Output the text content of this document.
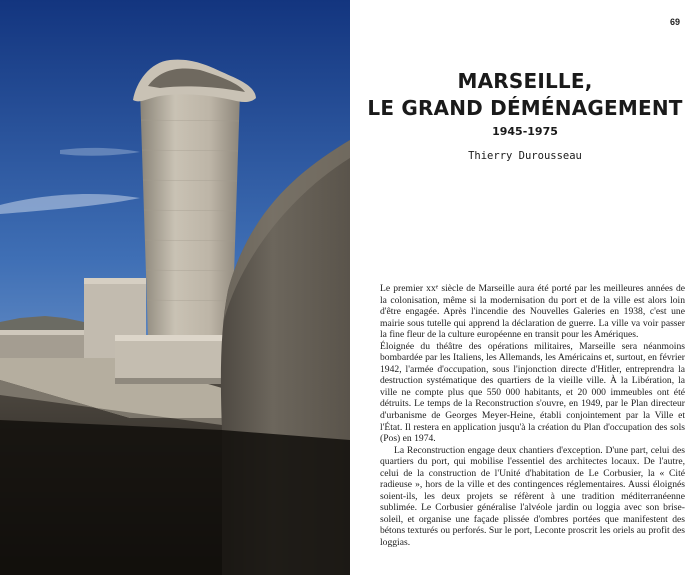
69
MARSEILLE,
LE GRAND DÉMÉNAGEMENT
1945-1975
Thierry Durousseau

Le premier xxᵉ siècle de Marseille aura été porté par les meilleures années de la colonisation, même si la modernisation du port et de la ville est alors loin d'être engagée. Après l'incendie des Nouvelles Galeries en 1938, c'est une mairie sous tutelle qui apprend la déclaration de guerre. La ville va voir passer la fine fleur de la culture européenne en transit pour les Amériques.

Éloignée du théâtre des opérations militaires, Marseille sera néanmoins bombardée par les Italiens, les Allemands, les Américains et, surtout, en février 1942, l'armée d'occupation, sous l'injonction directe d'Hitler, entreprendra la destruction systématique des quartiers de la vieille ville. À la Libération, la ville ne compte plus que 550 000 habitants, et 20 000 immeubles ont été détruits. Le temps de la Reconstruction s'ouvre, en 1949, par le Plan directeur d'urbanisme de Georges Meyer-Heine, établi conjointement par la Ville et l'État. Il restera en application jusqu'à la création du Plan d'occupation des sols (Pos) en 1974.

La Reconstruction engage deux chantiers d'exception. D'une part, celui des quartiers du port, qui mobilise l'essentiel des architectes locaux. De l'autre, celui de la construction de l'Unité d'habitation de Le Corbusier, la « Cité radieuse », hors de la ville et des contingences réglementaires. Aussi éloignés soient-ils, les deux projets se réfèrent à une tradition méditerranéenne sublimée. Le Corbusier généralise l'alvéole jardin ou loggia avec son brise-soleil, et organise une façade plissée d'ombres portées que manifestent des bétons texturés ou perforés. Sur le port, Leconte proscrit les oriels au profit des loggias.
